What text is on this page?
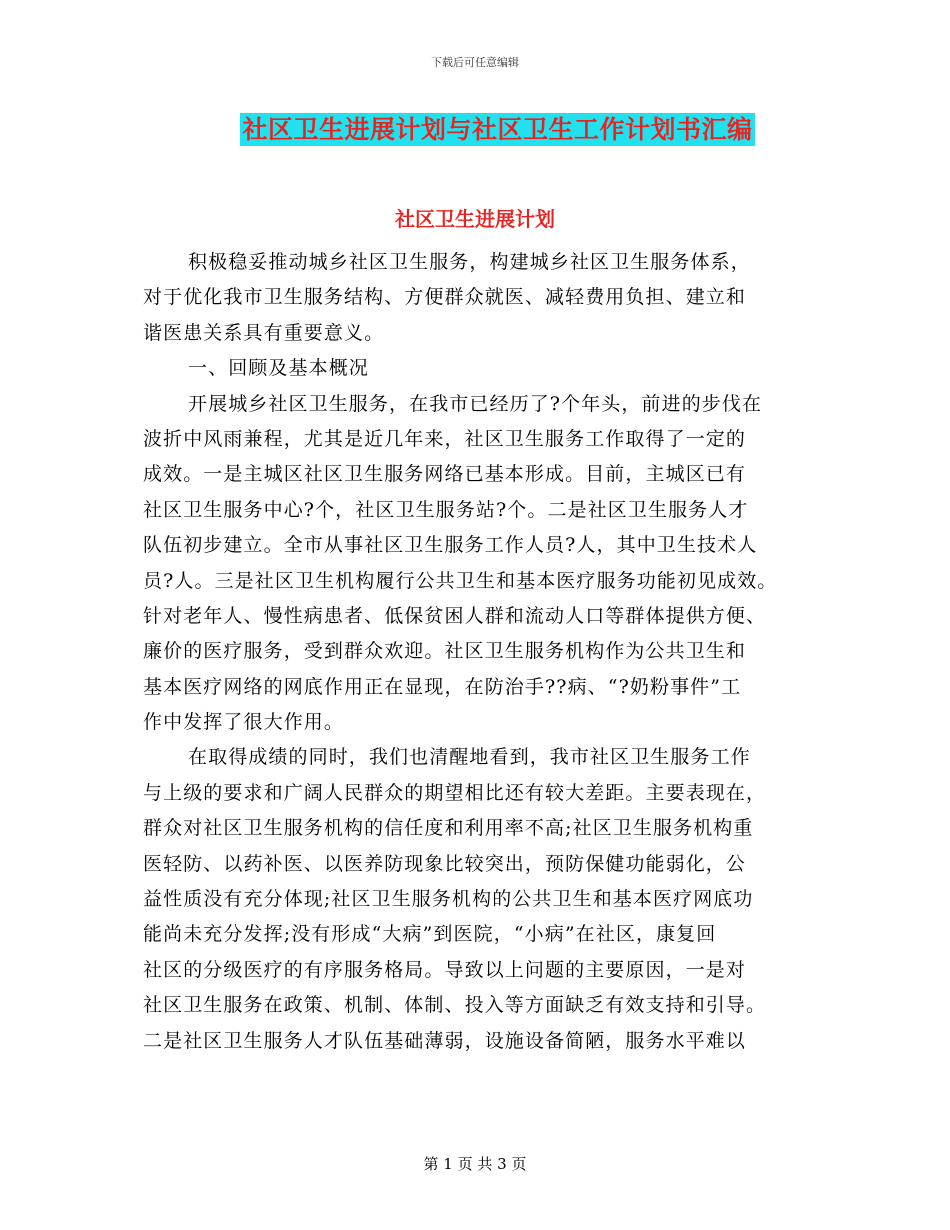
下载后可任意编辑
社区卫生进展计划与社区卫生工作计划书汇编
社区卫生进展计划
积极稳妥推动城乡社区卫生服务，构建城乡社区卫生服务体系，
对于优化我市卫生服务结构、方便群众就医、减轻费用负担、建立和
谐医患关系具有重要意义。
一、回顾及基本概况
开展城乡社区卫生服务，在我市已经历了?个年头，前进的步伐在
波折中风雨兼程，尤其是近几年来，社区卫生服务工作取得了一定的
成效。一是主城区社区卫生服务网络已基本形成。目前，主城区已有
社区卫生服务中心?个，社区卫生服务站?个。二是社区卫生服务人才
队伍初步建立。全市从事社区卫生服务工作人员?人，其中卫生技术人
员?人。三是社区卫生机构履行公共卫生和基本医疗服务功能初见成效。
针对老年人、慢性病患者、低保贫困人群和流动人口等群体提供方便、
廉价的医疗服务，受到群众欢迎。社区卫生服务机构作为公共卫生和
基本医疗网络的网底作用正在显现，在防治手??病、“?奶粉事件”工
作中发挥了很大作用。
在取得成绩的同时，我们也清醒地看到，我市社区卫生服务工作
与上级的要求和广阔人民群众的期望相比还有较大差距。主要表现在，
群众对社区卫生服务机构的信任度和利用率不高;社区卫生服务机构重
医轻防、以药补医、以医养防现象比较突出，预防保健功能弱化，公
益性质没有充分体现;社区卫生服务机构的公共卫生和基本医疗网底功
能尚未充分发挥;没有形成“大病”到医院，“小病”在社区，康复回
社区的分级医疗的有序服务格局。导致以上问题的主要原因，一是对
社区卫生服务在政策、机制、体制、投入等方面缺乏有效支持和引导。
二是社区卫生服务人才队伍基础薄弱，设施设备简陋，服务水平难以
第 1 页 共 3 页
